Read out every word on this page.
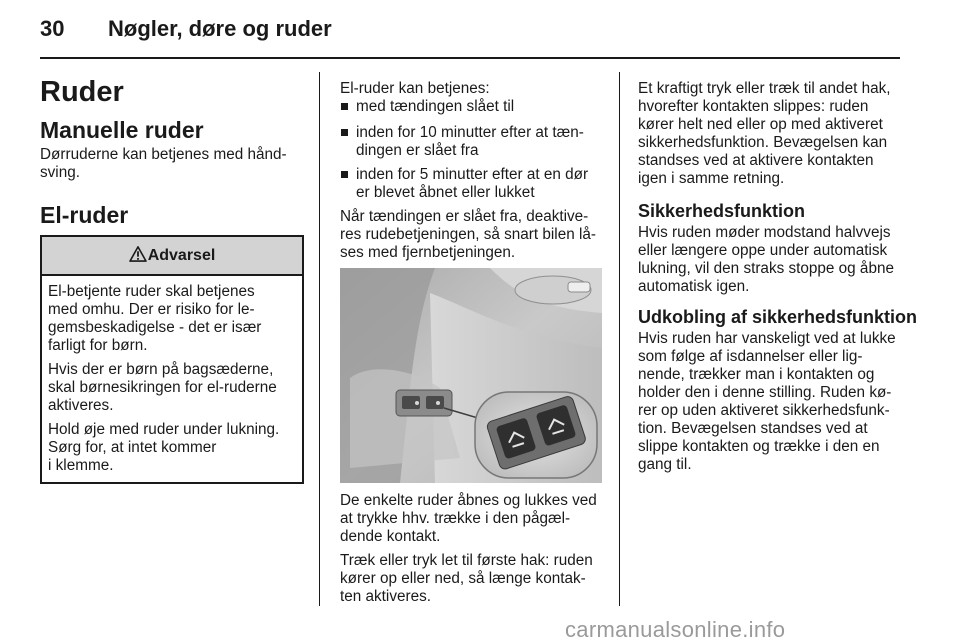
30 Nøgler, døre og ruder
Ruder
Manuelle ruder
Dørruderne kan betjenes med hånd-
sving.
El-ruder
Advarsel
El-betjente ruder skal betjenes
med omhu. Der er risiko for le-
gemsbeskadigelse - det er især
farligt for børn.
Hvis der er børn på bagsæderne,
skal børnesikringen for el-ruderne
aktiveres.
Hold øje med ruder under lukning.
Sørg for, at intet kommer
i klemme.
El-ruder kan betjenes:
med tændingen slået til
inden for 10 minutter efter at tæn-
dingen er slået fra
inden for 5 minutter efter at en dør
er blevet åbnet eller lukket
Når tændingen er slået fra, deaktive-
res rudebetjeningen, så snart bilen lå-
ses med fjernbetjeningen.
De enkelte ruder åbnes og lukkes ved
at trykke hhv. trække i den pågæl-
dende kontakt.
Træk eller tryk let til første hak: ruden
kører op eller ned, så længe kontak-
ten aktiveres.
Et kraftigt tryk eller træk til andet hak,
hvorefter kontakten slippes: ruden
kører helt ned eller op med aktiveret
sikkerhedsfunktion. Bevægelsen kan
standses ved at aktivere kontakten
igen i samme retning.
Sikkerhedsfunktion
Hvis ruden møder modstand halvvejs
eller længere oppe under automatisk
lukning, vil den straks stoppe og åbne
automatisk igen.
Udkobling af sikkerhedsfunktion
Hvis ruden har vanskeligt ved at lukke
som følge af isdannelser eller lig-
nende, trækker man i kontakten og
holder den i denne stilling. Ruden kø-
rer op uden aktiveret sikkerhedsfunk-
tion. Bevægelsen standses ved at
slippe kontakten og trække i den en
gang til.
carmanualsonline.info
